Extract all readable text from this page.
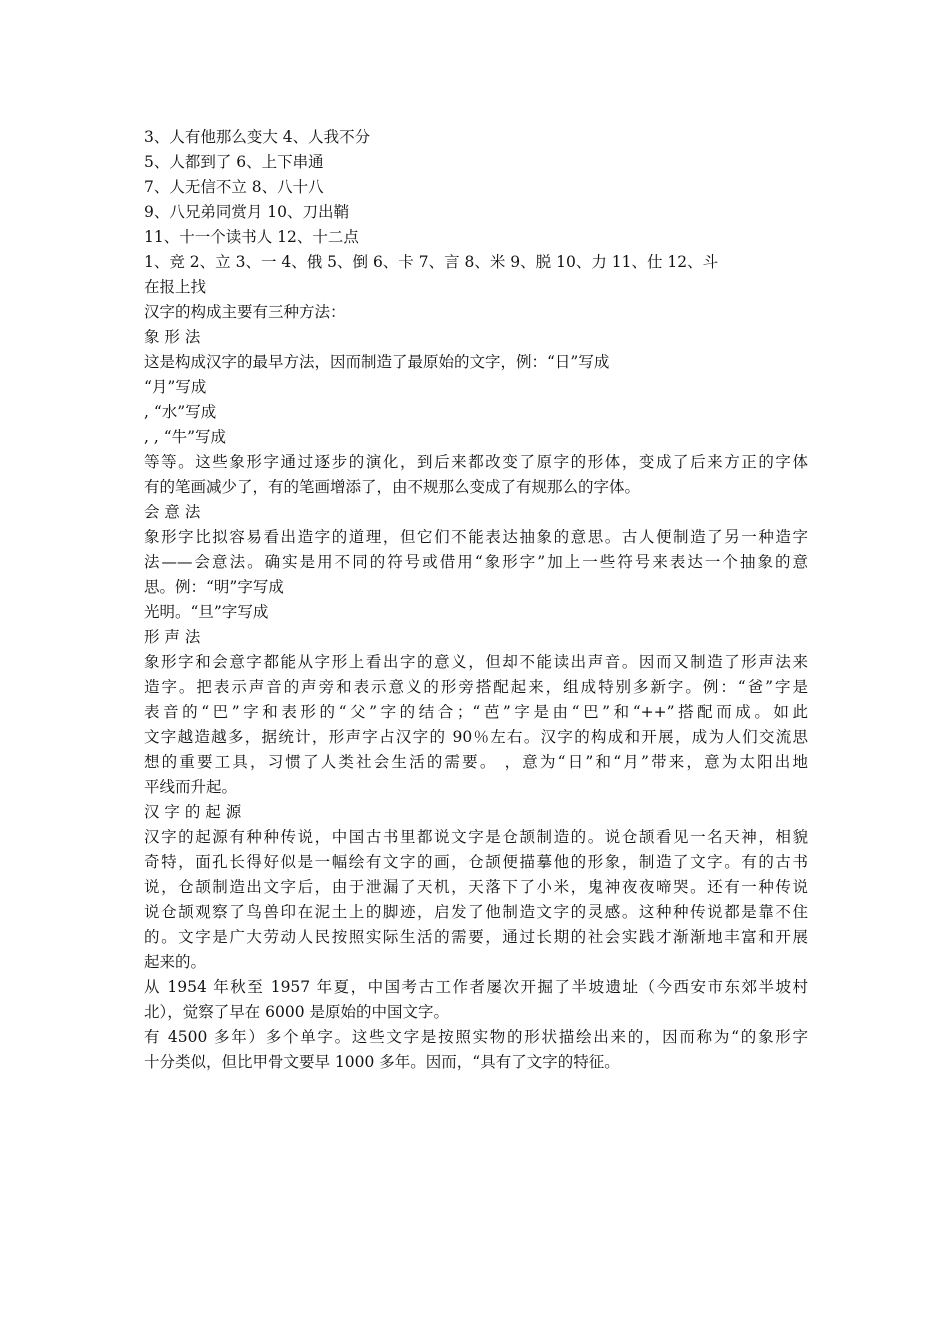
3、人有他那么变大 4、人我不分
5、人都到了 6、上下串通
7、人无信不立 8、八十八
9、八兄弟同赏月 10、刀出鞘
11、十一个读书人 12、十二点
1、竞 2、立 3、一 4、俄 5、倒 6、卡 7、言 8、米 9、脱 10、力 11、仕 12、斗
在报上找
汉字的构成主要有三种方法：
象 形 法
这是构成汉字的最早方法，因而制造了最原始的文字，例：“日”写成
“月”写成
, “水”写成
, , “牛”写成
等等。这些象形字通过逐步的演化，到后来都改变了原字的形体，变成了后来方正的字体
有的笔画减少了，有的笔画增添了，由不规那么变成了有规那么的字体。
会 意 法
象形字比拟容易看出造字的道理，但它们不能表达抽象的意思。古人便制造了另一种造字
法——会意法。确实是用不同的符号或借用“象形字”加上一些符号来表达一个抽象的意
思。例：“明”字写成
光明。“旦”字写成
形 声 法
象形字和会意字都能从字形上看出字的意义，但却不能读出声音。因而又制造了形声法来
造字。把表示声音的声旁和表示意义的形旁搭配起来，组成特别多新字。例：“爸”字是
表音的“巴”字和表形的“父”字的结合；“芭”字是由“巴”和“++”搭配而成。如此
文字越造越多，据统计，形声字占汉字的 90％左右。汉字的构成和开展，成为人们交流思
想的重要工具，习惯了人类社会生活的需要。 ，意为“日”和“月”带来，意为太阳出地
平线而升起。
汉 字 的 起 源
汉字的起源有种种传说，中国古书里都说文字是仓颉制造的。说仓颉看见一名天神，相貌
奇特，面孔长得好似是一幅绘有文字的画，仓颉便描摹他的形象，制造了文字。有的古书
说，仓颉制造出文字后，由于泄漏了天机，天落下了小米，鬼神夜夜啼哭。还有一种传说
说仓颉观察了鸟兽印在泥土上的脚迹，启发了他制造文字的灵感。这种种传说都是靠不住
的。文字是广大劳动人民按照实际生活的需要，通过长期的社会实践才渐渐地丰富和开展
起来的。
从 1954 年秋至 1957 年夏，中国考古工作者屡次开掘了半坡遗址（今西安市东郊半坡村
北），觉察了早在 6000 是原始的中国文字。
有 4500 多年）多个单字。这些文字是按照实物的形状描绘出来的，因而称为“的象形字
十分类似，但比甲骨文要早 1000 多年。因而，“具有了文字的特征。
